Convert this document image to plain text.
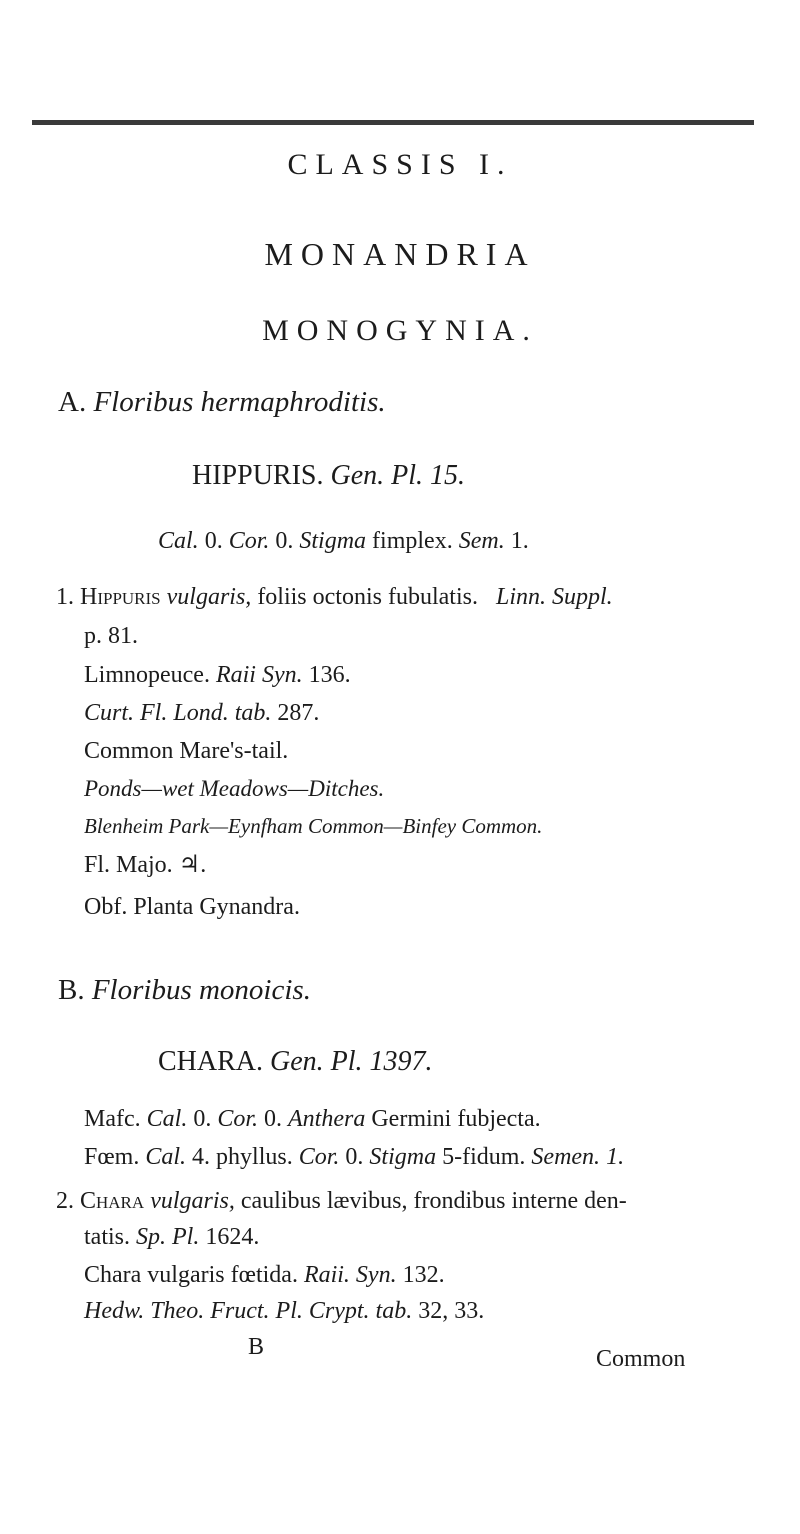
CLASSIS I.
MONANDRIA
MONOGYNIA.
A. Floribus hermaphroditis.
HIPPURIS. Gen. Pl. 15.
Cal. 0. Cor. 0. Stigma fimplex. Sem. 1.
1. Hippuris vulgaris, foliis octonis fubulatis. Linn. Suppl.
p. 81.
Limnopeuce. Raii Syn. 136.
Curt. Fl. Lond. tab. 287.
Common Mare's-tail.
Ponds—wet Meadows—Ditches.
Blenheim Park—Eynfham Common—Binfey Common.
Fl. Majo. ♃.
Obf. Planta Gynandra.
B. Floribus monoicis.
CHARA. Gen. Pl. 1397.
Mafc. Cal. 0. Cor. 0. Anthera Germini fubjecta.
Fœm. Cal. 4. phyllus. Cor. 0. Stigma 5-fidum. Semen. 1.
2. Chara vulgaris, caulibus lævibus, frondibus interne den-
tatis. Sp. Pl. 1624.
Chara vulgaris fœtida. Raii. Syn. 132.
Hedw. Theo. Fruct. Pl. Crypt. tab. 32, 33.
B	Common
